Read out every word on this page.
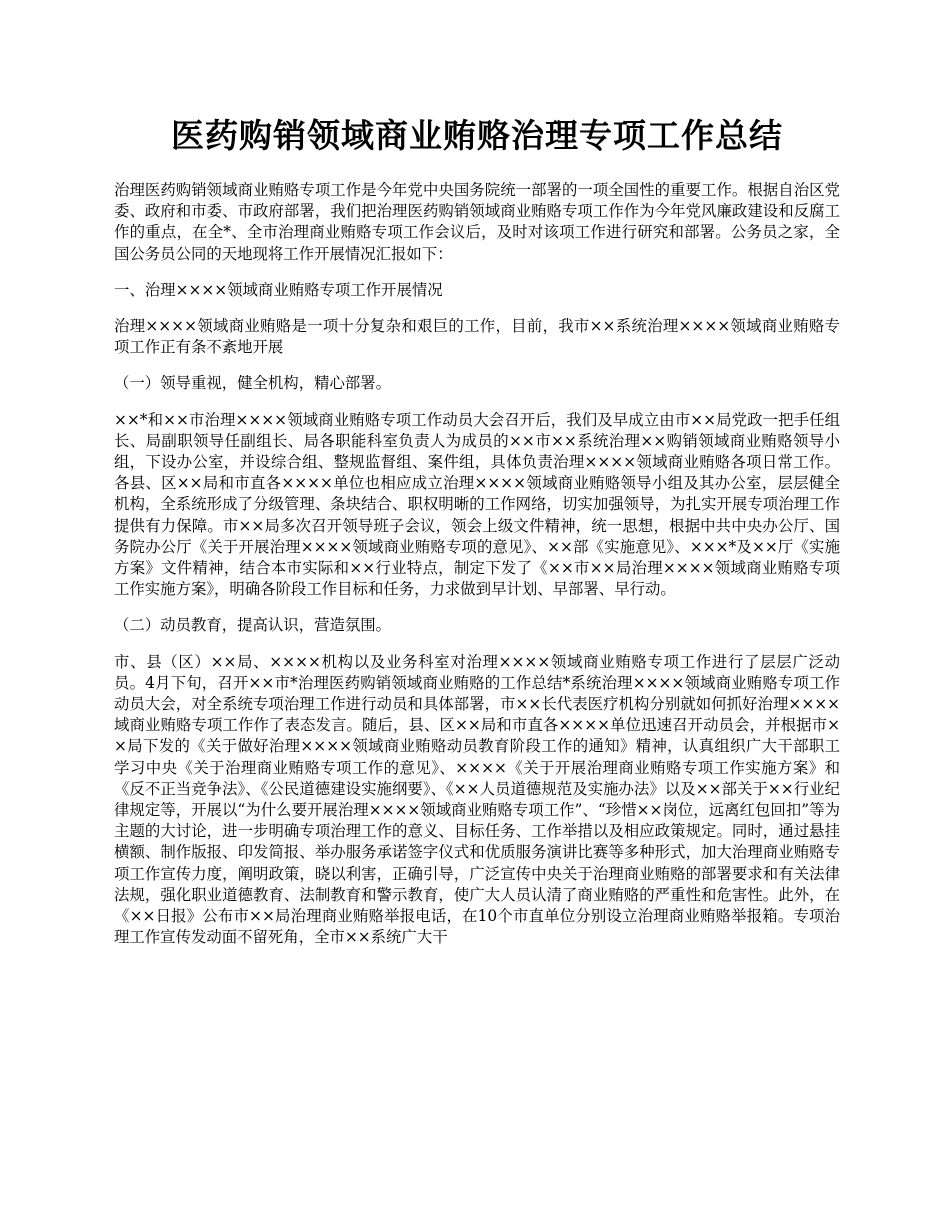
医药购销领域商业贿赂治理专项工作总结

治理医药购销领域商业贿赂专项工作是今年党中央国务院统一部署的一项全国性的重要工作。根据自治区党委、政府和市委、市政府部署，我们把治理医药购销领域商业贿赂专项工作作为今年党风廉政建设和反腐工作的重点，在全*、全市治理商业贿赂专项工作会议后，及时对该项工作进行研究和部署。公务员之家，全国公务员公同的天地现将工作开展情况汇报如下：

一、治理××××领域商业贿赂专项工作开展情况

治理××××领域商业贿赂是一项十分复杂和艰巨的工作，目前，我市××系统治理××××领域商业贿赂专项工作正有条不紊地开展

（一）领导重视，健全机构，精心部署。

××*和××市治理××××领域商业贿赂专项工作动员大会召开后，我们及早成立由市××局党政一把手任组长、局副职领导任副组长、局各职能科室负责人为成员的××市××系统治理××购销领域商业贿赂领导小组，下设办公室，并设综合组、整规监督组、案件组，具体负责治理××××领域商业贿赂各项日常工作。各县、区××局和市直各××××单位也相应成立治理××××领域商业贿赂领导小组及其办公室，层层健全机构，全系统形成了分级管理、条块结合、职权明晰的工作网络，切实加强领导，为扎实开展专项治理工作提供有力保障。市××局多次召开领导班子会议，领会上级文件精神，统一思想，根据中共中央办公厅、国务院办公厅《关于开展治理××××领域商业贿赂专项的意见》、××部《实施意见》、×××*及××厅《实施方案》文件精神，结合本市实际和××行业特点，制定下发了《××市××局治理××××领域商业贿赂专项工作实施方案》，明确各阶段工作目标和任务，力求做到早计划、早部署、早行动。

（二）动员教育，提高认识，营造氛围。

市、县（区）××局、××××机构以及业务科室对治理××××领域商业贿赂专项工作进行了层层广泛动员。4月下旬，召开××市*治理医药购销领域商业贿赂的工作总结*系统治理××××领域商业贿赂专项工作动员大会，对全系统专项治理工作进行动员和具体部署，市××长代表医疗机构分别就如何抓好治理××××域商业贿赂专项工作作了表态发言。随后，县、区××局和市直各××××单位迅速召开动员会，并根据市××局下发的《关于做好治理××××领域商业贿赂动员教育阶段工作的通知》精神，认真组织广大干部职工学习中央《关于治理商业贿赂专项工作的意见》、××××《关于开展治理商业贿赂专项工作实施方案》和《反不正当竞争法》、《公民道德建设实施纲要》、《××人员道德规范及实施办法》以及××部关于××行业纪律规定等，开展以“为什么要开展治理××××领域商业贿赂专项工作”、“珍惜××岗位，远离红包回扣”等为主题的大讨论，进一步明确专项治理工作的意义、目标任务、工作举措以及相应政策规定。同时，通过悬挂横额、制作版报、印发简报、举办服务承诺签字仪式和优质服务演讲比赛等多种形式，加大治理商业贿赂专项工作宣传力度，阐明政策，晓以利害，正确引导，广泛宣传中央关于治理商业贿赂的部署要求和有关法律法规，强化职业道德教育、法制教育和警示教育，使广大人员认清了商业贿赂的严重性和危害性。此外，在《××日报》公布市××局治理商业贿赂举报电话，在10个市直单位分别设立治理商业贿赂举报箱。专项治理工作宣传发动面不留死角，全市××系统广大干
